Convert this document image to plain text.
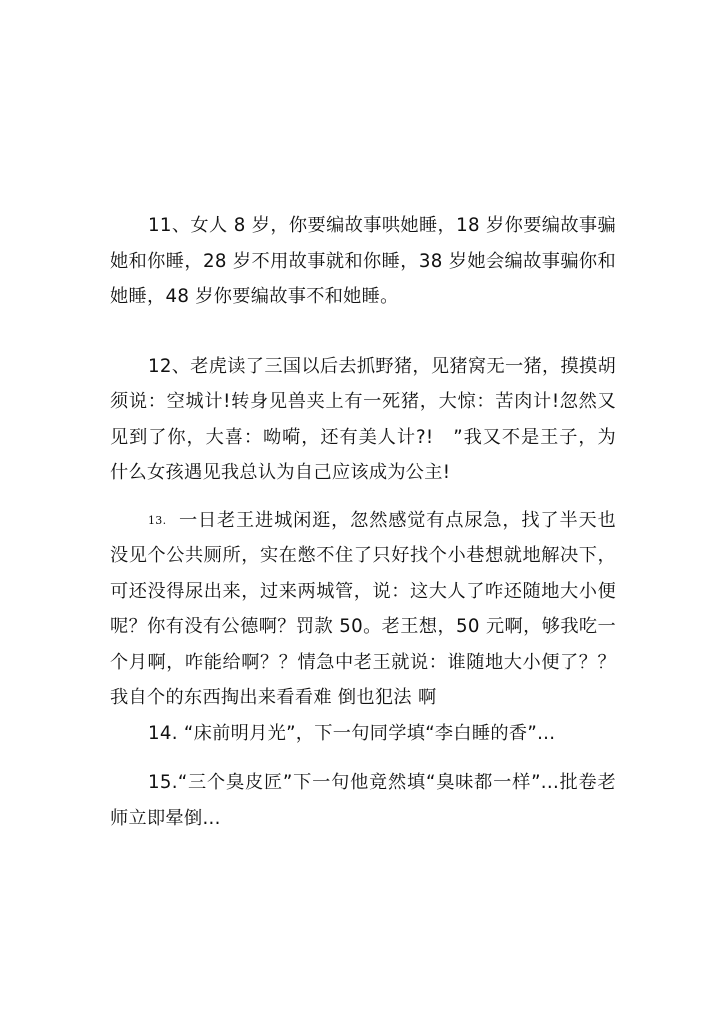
11、女人 8 岁，你要编故事哄她睡，18 岁你要编故事骗她和你睡，28 岁不用故事就和你睡，38 岁她会编故事骗你和她睡，48 岁你要编故事不和她睡。

12、老虎读了三国以后去抓野猪，见猪窝无一猪，摸摸胡须说：空城计!转身见兽夹上有一死猪，大惊：苦肉计!忽然又见到了你，大喜：呦嗬，还有美人计?!　”我又不是王子，为什么女孩遇见我总认为自己应该成为公主!

13. 一日老王进城闲逛，忽然感觉有点尿急，找了半天也没见个公共厕所，实在憋不住了只好找个小巷想就地解决下，可还没得尿出来，过来两城管，说：这大人了咋还随地大小便呢？你有没有公德啊？罚款 50。老王想，50 元啊，够我吃一个月啊，咋能给啊？？情急中老王就说：谁随地大小便了？？我自个的东西掏出来看看难 倒也犯法 啊

14. “床前明月光”，下一句同学填“李白睡的香”...

15.“三个臭皮匠”下一句他竟然填“臭味都一样”...批卷老师立即晕倒...
